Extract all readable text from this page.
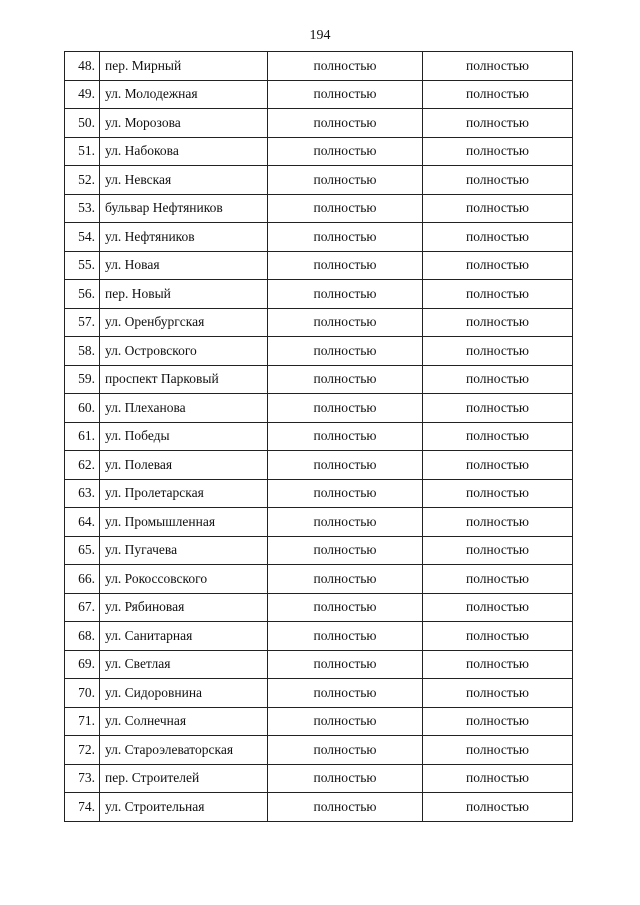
194
48.	пер. Мирный	полностью	полностью
49.	ул. Молодежная	полностью	полностью
50.	ул. Морозова	полностью	полностью
51.	ул. Набокова	полностью	полностью
52.	ул. Невская	полностью	полностью
53.	бульвар Нефтяников	полностью	полностью
54.	ул. Нефтяников	полностью	полностью
55.	ул. Новая	полностью	полностью
56.	пер. Новый	полностью	полностью
57.	ул. Оренбургская	полностью	полностью
58.	ул. Островского	полностью	полностью
59.	проспект Парковый	полностью	полностью
60.	ул. Плеханова	полностью	полностью
61.	ул. Победы	полностью	полностью
62.	ул. Полевая	полностью	полностью
63.	ул. Пролетарская	полностью	полностью
64.	ул. Промышленная	полностью	полностью
65.	ул. Пугачева	полностью	полностью
66.	ул. Рокоссовского	полностью	полностью
67.	ул. Рябиновая	полностью	полностью
68.	ул. Санитарная	полностью	полностью
69.	ул. Светлая	полностью	полностью
70.	ул. Сидоровнина	полностью	полностью
71.	ул. Солнечная	полностью	полностью
72.	ул. Староэлеваторская	полностью	полностью
73.	пер. Строителей	полностью	полностью
74.	ул. Строительная	полностью	полностью
